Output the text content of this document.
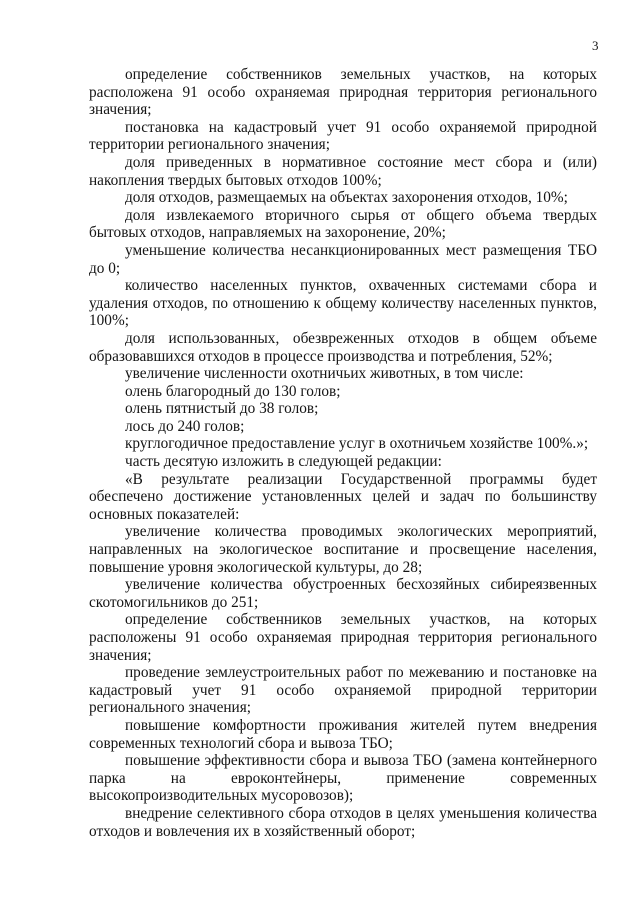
3

определение собственников земельных участков, на которых расположена 91 особо охраняемая природная территория регионального значения;

постановка на кадастровый учет 91 особо охраняемой природной территории регионального значения;

доля приведенных в нормативное состояние мест сбора и (или) накопления твердых бытовых отходов 100%;

доля отходов, размещаемых на объектах захоронения отходов, 10%;

доля извлекаемого вторичного сырья от общего объема твердых бытовых отходов, направляемых на захоронение, 20%;

уменьшение количества несанкционированных мест размещения ТБО до 0;

количество населенных пунктов, охваченных системами сбора и удаления отходов, по отношению к общему количеству населенных пунктов, 100%;

доля использованных, обезвреженных отходов в общем объеме образовавшихся отходов в процессе производства и потребления, 52%;

увеличение численности охотничьих животных, в том числе:

олень благородный до 130 голов;

олень пятнистый до 38 голов;

лось до 240 голов;

круглогодичное предоставление услуг в охотничьем хозяйстве 100%.»;

часть десятую изложить в следующей редакции:

«В результате реализации Государственной программы будет обеспечено достижение установленных целей и задач по большинству основных показателей:

увеличение количества проводимых экологических мероприятий, направленных на экологическое воспитание и просвещение населения, повышение уровня экологической культуры, до 28;

увеличение количества обустроенных бесхозяйных сибиреязвенных скотомогильников до 251;

определение собственников земельных участков, на которых расположены 91 особо охраняемая природная территория регионального значения;

проведение землеустроительных работ по межеванию и постановке на кадастровый учет 91 особо охраняемой природной территории регионального значения;

повышение комфортности проживания жителей путем внедрения современных технологий сбора и вывоза ТБО;

повышение эффективности сбора и вывоза ТБО (замена контейнерного парка на евроконтейнеры, применение современных высокопроизводительных мусоровозов);

внедрение селективного сбора отходов в целях уменьшения количества отходов и вовлечения их в хозяйственный оборот;
